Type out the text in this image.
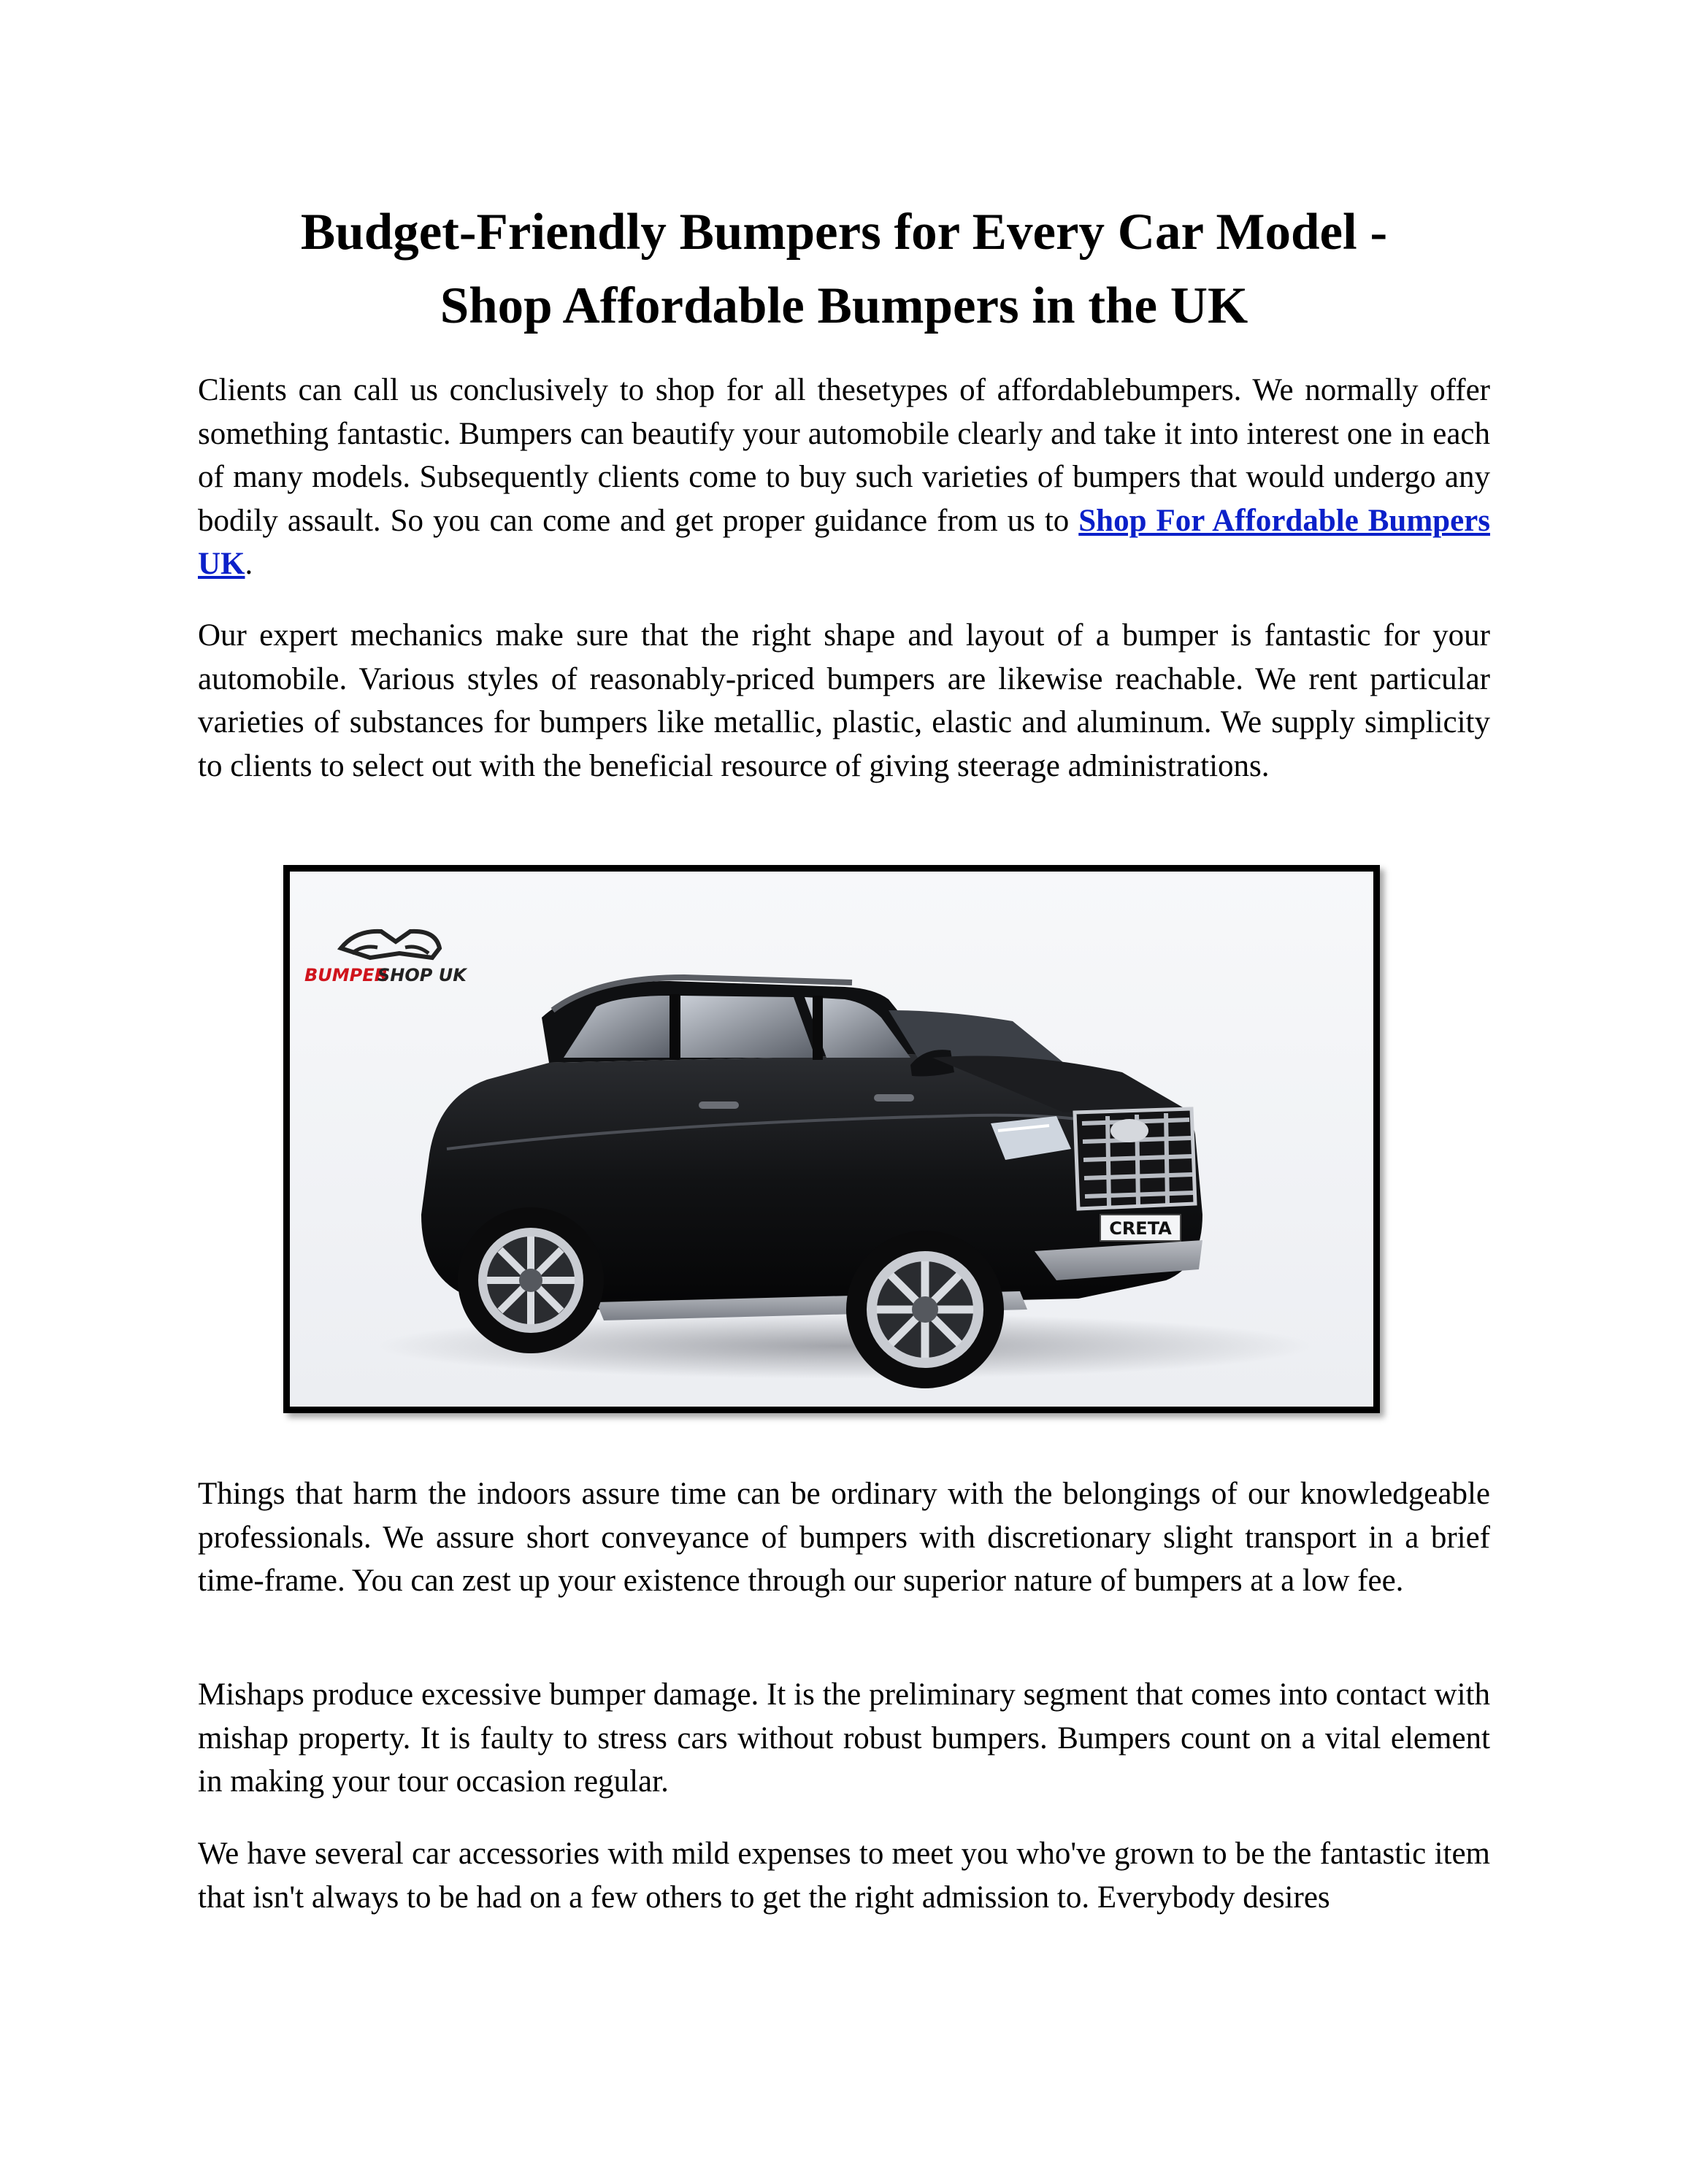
Budget-Friendly Bumpers for Every Car Model -
Shop Affordable Bumpers in the UK

Clients can call us conclusively to shop for all thesetypes of affordablebumpers. We normally offer something fantastic. Bumpers can beautify your automobile clearly and take it into interest one in each of many models. Subsequently clients come to buy such varieties of bumpers that would undergo any bodily assault. So you can come and get proper guidance from us to Shop For Affordable Bumpers UK.

Our expert mechanics make sure that the right shape and layout of a bumper is fantastic for your automobile. Various styles of reasonably-priced bumpers are likewise reachable. We rent particular varieties of substances for bumpers like metallic, plastic, elastic and aluminum. We supply simplicity to clients to select out with the beneficial resource of giving steerage administrations.

BUMPER
SHOP UK
CRETA

Things that harm the indoors assure time can be ordinary with the belongings of our knowledgeable professionals. We assure short conveyance of bumpers with discretionary slight transport in a brief time-frame. You can zest up your existence through our superior nature of bumpers at a low fee.

Mishaps produce excessive bumper damage. It is the preliminary segment that comes into contact with mishap property. It is faulty to stress cars without robust bumpers. Bumpers count on a vital element in making your tour occasion regular.

We have several car accessories with mild expenses to meet you who've grown to be the fantastic item that isn't always to be had on a few others to get the right admission to. Everybody desires
